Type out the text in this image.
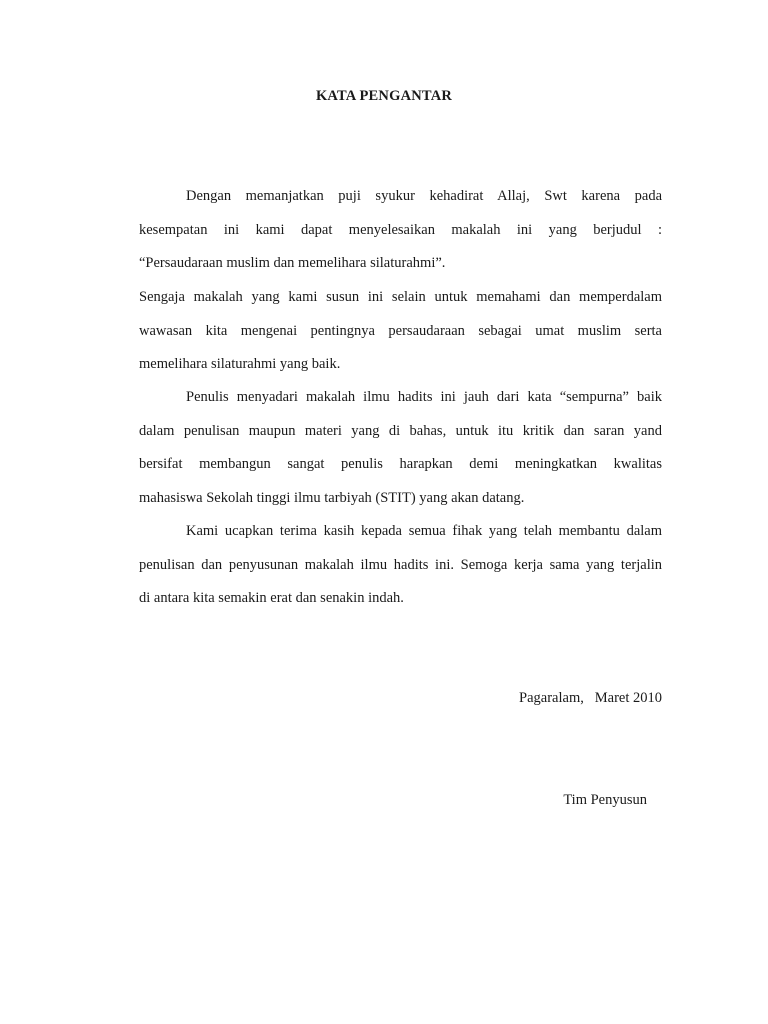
KATA PENGANTAR
Dengan memanjatkan puji syukur kehadirat Allaj, Swt karena pada
kesempatan ini kami dapat menyelesaikan makalah ini yang berjudul :
“Persaudaraan muslim dan memelihara silaturahmi”.
Sengaja makalah yang kami susun ini selain untuk memahami dan memperdalam
wawasan kita mengenai pentingnya persaudaraan sebagai umat muslim serta
memelihara silaturahmi yang baik.
Penulis menyadari makalah ilmu hadits ini jauh dari kata “sempurna” baik
dalam penulisan maupun materi yang di bahas, untuk itu kritik dan saran yand
bersifat membangun sangat penulis harapkan demi meningkatkan kwalitas
mahasiswa Sekolah tinggi ilmu tarbiyah (STIT) yang akan datang.
Kami ucapkan terima kasih kepada semua fihak yang telah membantu dalam
penulisan dan penyusunan makalah ilmu hadits ini. Semoga kerja sama yang terjalin
di antara kita semakin erat dan senakin indah.
Pagaralam,   Maret 2010
Tim Penyusun
